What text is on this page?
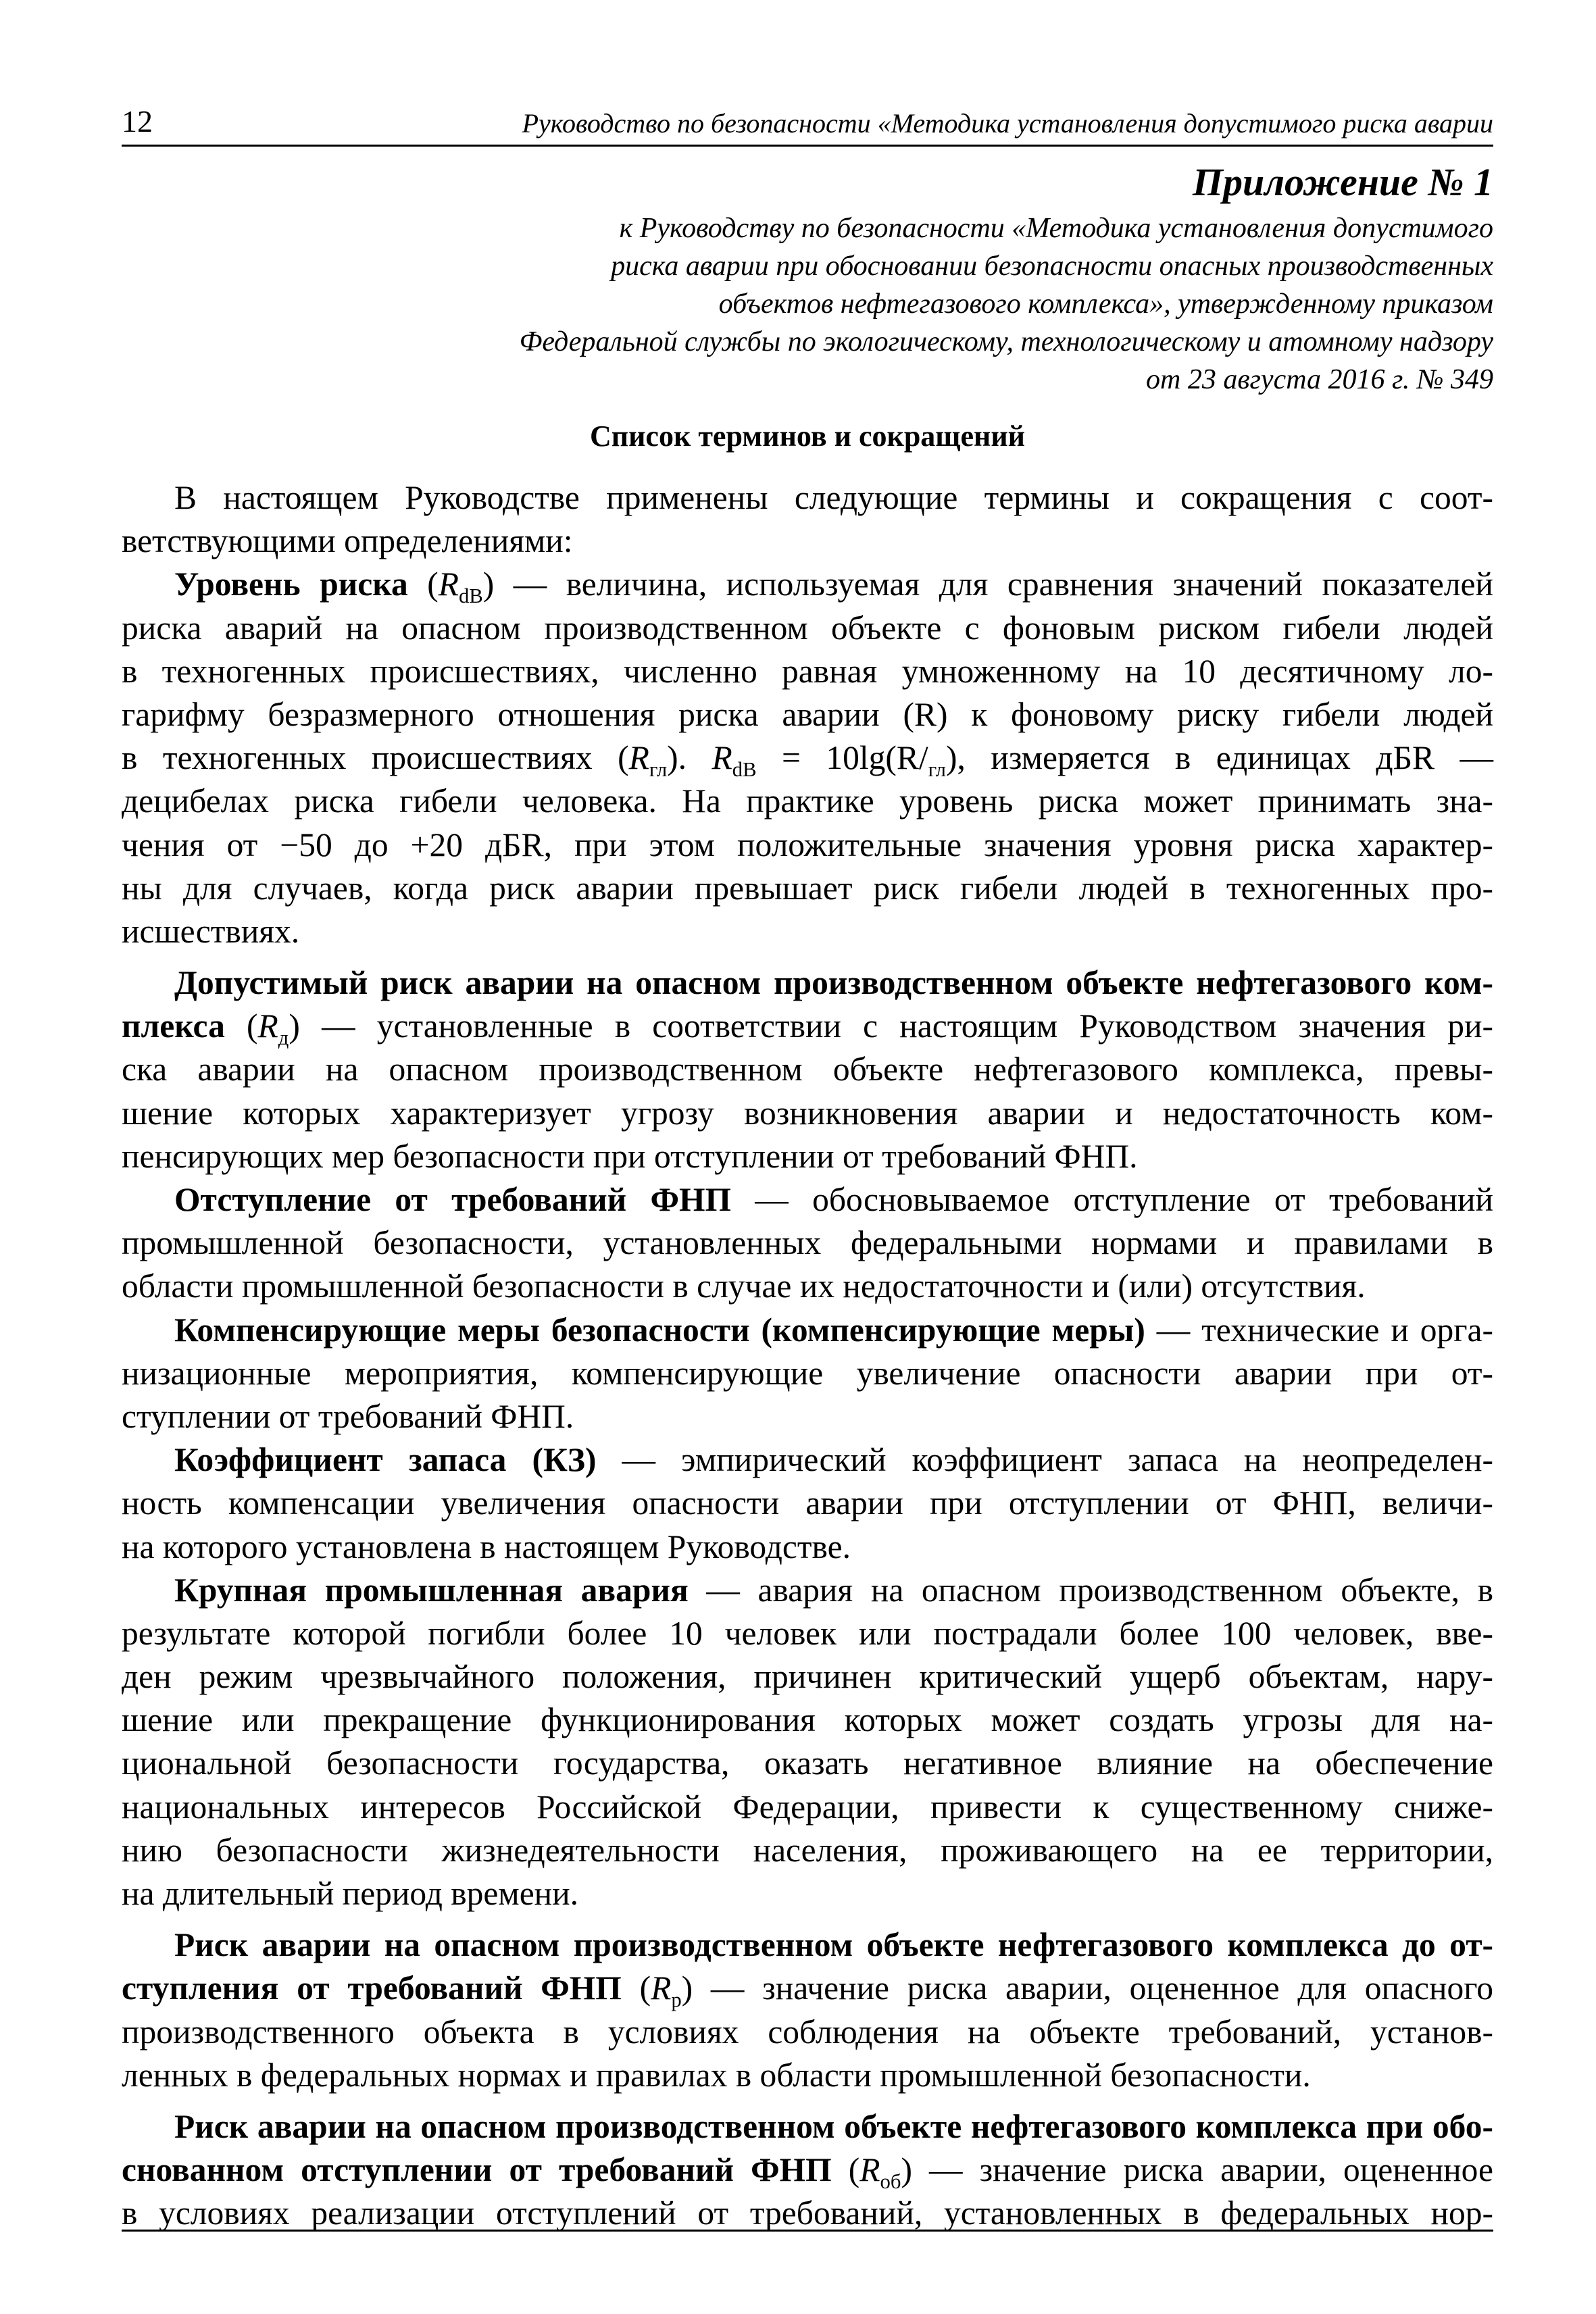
12	Руководство по безопасности «Методика установления допустимого риска аварии
Приложение № 1
к Руководству по безопасности «Методика установления допустимого
риска аварии при обосновании безопасности опасных производственных
объектов нефтегазового комплекса», утвержденному приказом
Федеральной службы по экологическому, технологическому и атомному надзору
от 23 августа 2016 г. № 349
Список терминов и сокращений
В настоящем Руководстве применены следующие термины и сокращения с соот-
ветствующими определениями:
Уровень риска $(R_{dB})$ — величина, используемая для сравнения значений показателей
риска аварий на опасном производственном объекте с фоновым риском гибели людей
в техногенных происшествиях, численно равная умноженному на 10 десятичному ло-
гарифму безразмерного отношения риска аварии (R) к фоновому риску гибели людей
в техногенных происшествиях $(R_{гл})$. $R_{dB} = 10\lg(R/_{гл})$, измеряется в единицах дБR —
децибелах риска гибели человека. На практике уровень риска может принимать зна-
чения от −50 до +20 дБR, при этом положительные значения уровня риска характер-
ны для случаев, когда риск аварии превышает риск гибели людей в техногенных про-
исшествиях.
Допустимый риск аварии на опасном производственном объекте нефтегазового ком-
плекса $(R_д)$ — установленные в соответствии с настоящим Руководством значения ри-
ска аварии на опасном производственном объекте нефтегазового комплекса, превы-
шение которых характеризует угрозу возникновения аварии и недостаточность ком-
пенсирующих мер безопасности при отступлении от требований ФНП.
Отступление от требований ФНП — обосновываемое отступление от требований
промышленной безопасности, установленных федеральными нормами и правилами в
области промышленной безопасности в случае их недостаточности и (или) отсутствия.
Компенсирующие меры безопасности (компенсирующие меры) — технические и орга-
низационные мероприятия, компенсирующие увеличение опасности аварии при от-
ступлении от требований ФНП.
Коэффициент запаса (КЗ) — эмпирический коэффициент запаса на неопределен-
ность компенсации увеличения опасности аварии при отступлении от ФНП, величи-
на которого установлена в настоящем Руководстве.
Крупная промышленная авария — авария на опасном производственном объекте, в
результате которой погибли более 10 человек или пострадали более 100 человек, вве-
ден режим чрезвычайного положения, причинен критический ущерб объектам, нару-
шение или прекращение функционирования которых может создать угрозы для на-
циональной безопасности государства, оказать негативное влияние на обеспечение
национальных интересов Российской Федерации, привести к существенному сниже-
нию безопасности жизнедеятельности населения, проживающего на ее территории,
на длительный период времени.
Риск аварии на опасном производственном объекте нефтегазового комплекса до от-
ступления от требований ФНП $(R_р)$ — значение риска аварии, оцененное для опасного
производственного объекта в условиях соблюдения на объекте требований, установ-
ленных в федеральных нормах и правилах в области промышленной безопасности.
Риск аварии на опасном производственном объекте нефтегазового комплекса при обо-
снованном отступлении от требований ФНП $(R_{об})$ — значение риска аварии, оцененное
в условиях реализации отступлений от требований, установленных в федеральных нор-
